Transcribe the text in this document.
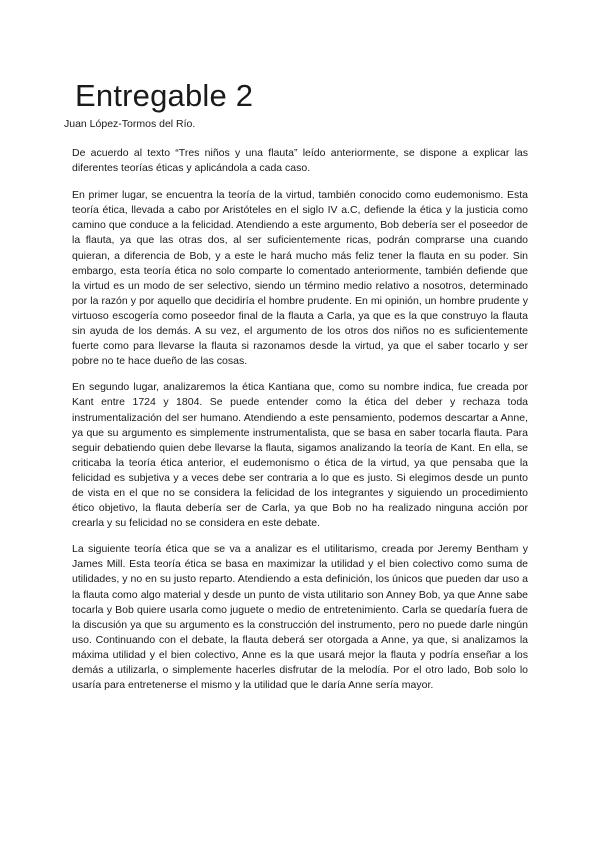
Entregable 2

Juan López-Tormos del Río.

De acuerdo al texto “Tres niños y una flauta” leído anteriormente, se dispone a explicar las diferentes teorías éticas y aplicándola a cada caso.

En primer lugar, se encuentra la teoría de la virtud, también conocido como eudemonismo. Esta teoría ética, llevada a cabo por Aristóteles en el siglo IV a.C, defiende la ética y la justicia como camino que conduce a la felicidad. Atendiendo a este argumento, Bob debería ser el poseedor de la flauta, ya que las otras dos, al ser suficientemente ricas, podrán comprarse una cuando quieran, a diferencia de Bob, y a este le hará mucho más feliz tener la flauta en su poder. Sin embargo, esta teoría ética no solo comparte lo comentado anteriormente, también defiende que la virtud es un modo de ser selectivo, siendo un término medio relativo a nosotros, determinado por la razón y por aquello que decidiría el hombre prudente. En mi opinión, un hombre prudente y virtuoso escogería como poseedor final de la flauta a Carla, ya que es la que construyo la flauta sin ayuda de los demás. A su vez, el argumento de los otros dos niños no es suficientemente fuerte como para llevarse la flauta si razonamos desde la virtud, ya que el saber tocarlo y ser pobre no te hace dueño de las cosas.

En segundo lugar, analizaremos la ética Kantiana que, como su nombre indica, fue creada por Kant entre 1724 y 1804. Se puede entender como la ética del deber y rechaza toda instrumentalización del ser humano. Atendiendo a este pensamiento, podemos descartar a Anne, ya que su argumento es simplemente instrumentalista, que se basa en saber tocarla flauta. Para seguir debatiendo quien debe llevarse la flauta, sigamos analizando la teoría de Kant. En ella, se criticaba la teoría ética anterior, el eudemonismo o ética de la virtud, ya que pensaba que la felicidad es subjetiva y a veces debe ser contraria a lo que es justo. Si elegimos desde un punto de vista en el que no se considera la felicidad de los integrantes y siguiendo un procedimiento ético objetivo, la flauta debería ser de Carla, ya que Bob no ha realizado ninguna acción por crearla y su felicidad no se considera en este debate.

La siguiente teoría ética que se va a analizar es el utilitarismo, creada por Jeremy Bentham y James Mill. Esta teoría ética se basa en maximizar la utilidad y el bien colectivo como suma de utilidades, y no en su justo reparto. Atendiendo a esta definición, los únicos que pueden dar uso a la flauta como algo material y desde un punto de vista utilitario son Anney Bob, ya que Anne sabe tocarla y Bob quiere usarla como juguete o medio de entretenimiento. Carla se quedaría fuera de la discusión ya que su argumento es la construcción del instrumento, pero no puede darle ningún uso. Continuando con el debate, la flauta deberá ser otorgada a Anne, ya que, si analizamos la máxima utilidad y el bien colectivo, Anne es la que usará mejor la flauta y podría enseñar a los demás a utilizarla, o simplemente hacerles disfrutar de la melodía. Por el otro lado, Bob solo lo usaría para entretenerse el mismo y la utilidad que le daría Anne sería mayor.
